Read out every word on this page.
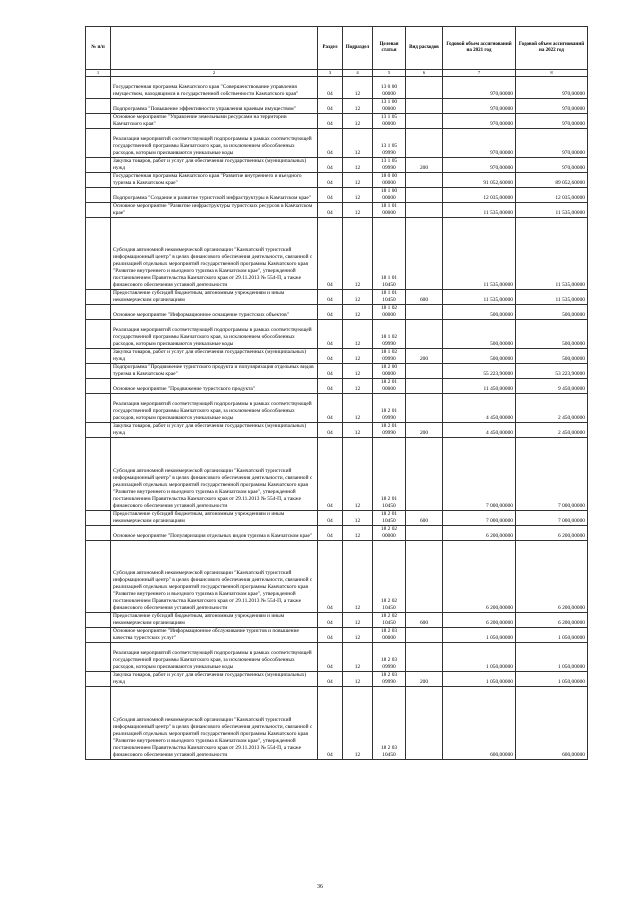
№ п/п		Раздел	Подраздел	Целевая статья	Вид расходов	Годовой объем ассигнований на 2021 год	Годовой объем ассигнований на 2022 год
1	2	3	4	5	6	7	8
	Государственная программа Камчатского края "Совершенствование управления имуществом, находящимся в государственной собственности Камчатского края"	04	12	13 0 00 00000		970,00000	970,00000
	Подпрограмма "Повышение эффективности управления краевым имуществом"	04	12	13 1 00 00000		970,00000	970,00000
	Основное мероприятие "Управление земельными ресурсами на территории Камчатского края"	04	12	13 1 05 00000		970,00000	970,00000
	Реализация мероприятий соответствующей подпрограммы в рамках соответствующей государственной программы Камчатского края, за исключением обособленных расходов, которым присваиваются уникальные коды	04	12	13 1 05 09990		970,00000	970,00000
	Закупка товаров, работ и услуг для обеспечения государственных (муниципальных) нужд	04	12	13 1 05 09990	200	970,00000	970,00000
	Государственная программа Камчатского края "Развитие внутреннего и въездного туризма в Камчатском крае"	04	12	18 0 00 00000		91 052,60000	89 052,60000
	Подпрограмма "Создание и развитие туристской инфраструктуры в Камчатском крае"	04	12	18 1 00 00000		12 035,00000	12 035,00000
	Основное мероприятие "Развитие инфраструктуры туристских ресурсов в Камчатском крае"	04	12	18 1 01 00000		11 535,00000	11 535,00000
	Субсидия автономной некоммерческой организации "Камчатский туристский информационный центр" в целях финансового обеспечения деятельности, связанной с реализацией отдельных мероприятий государственной программы Камчатского края "Развитие внутреннего и въездного туризма в Камчатском крае", утвержденной постановлением Правительства Камчатского края от 29.11.2013 № 554-П, а также финансового обеспечения уставной деятельности	04	12	18 1 01 10450		11 535,00000	11 535,00000
	Предоставление субсидий бюджетным, автономным учреждениям и иным некоммерческим организациям	04	12	18 1 01 10450	600	11 535,00000	11 535,00000
	Основное мероприятие "Информационное оснащение туристских объектов"	04	12	18 1 02 00000		500,00000	500,00000
	Реализация мероприятий соответствующей подпрограммы в рамках соответствующей государственной программы Камчатского края, за исключением обособленных расходов, которым присваиваются уникальные коды	04	12	18 1 02 09990		500,00000	500,00000
	Закупка товаров, работ и услуг для обеспечения государственных (муниципальных) нужд	04	12	18 1 02 09990	200	500,00000	500,00000
	Подпрограмма "Продвижение туристского продукта и популяризация отдельных видов туризма в Камчатском крае"	04	12	18 2 00 00000		55 223,90000	53 223,90000
	Основное мероприятие "Продвижение туристского продукта"	04	12	18 2 01 00000		11 450,00000	9 450,00000
	Реализация мероприятий соответствующей подпрограммы в рамках соответствующей государственной программы Камчатского края, за исключением обособленных расходов, которым присваиваются уникальные коды	04	12	18 2 01 09990		4 450,00000	2 450,00000
	Закупка товаров, работ и услуг для обеспечения государственных (муниципальных) нужд	04	12	18 2 01 09990	200	4 450,00000	2 450,00000
	Субсидия автономной некоммерческой организации "Камчатский туристский информационный центр" в целях финансового обеспечения деятельности, связанной с реализацией отдельных мероприятий государственной программы Камчатского края "Развитие внутреннего и въездного туризма в Камчатском крае", утвержденной постановлением Правительства Камчатского края от 29.11.2013 № 554-П, а также финансового обеспечения уставной деятельности	04	12	18 2 01 10450		7 000,00000	7 000,00000
	Предоставление субсидий бюджетным, автономным учреждениям и иным некоммерческим организациям	04	12	18 2 01 10450	600	7 000,00000	7 000,00000
	Основное мероприятие "Популяризация отдельных видов туризма в Камчатском крае"	04	12	18 2 02 00000		6 200,00000	6 200,00000
	Субсидия автономной некоммерческой организации "Камчатский туристский информационный центр" в целях финансового обеспечения деятельности, связанной с реализацией отдельных мероприятий государственной программы Камчатского края "Развитие внутреннего и въездного туризма в Камчатском крае", утвержденной постановлением Правительства Камчатского края от 29.11.2013 № 554-П, а также финансового обеспечения уставной деятельности	04	12	18 2 02 10450		6 200,00000	6 200,00000
	Предоставление субсидий бюджетным, автономным учреждениям и иным некоммерческим организациям	04	12	18 2 02 10450	600	6 200,00000	6 200,00000
	Основное мероприятие "Информационное обслуживание туристов и повышение качества туристских услуг"	04	12	18 2 03 00000		1 050,00000	1 050,00000
	Реализация мероприятий соответствующей подпрограммы в рамках соответствующей государственной программы Камчатского края, за исключением обособленных расходов, которым присваиваются уникальные коды	04	12	18 2 03 09990		1 050,00000	1 050,00000
	Закупка товаров, работ и услуг для обеспечения государственных (муниципальных) нужд	04	12	18 2 03 09990	200	1 050,00000	1 050,00000
	Субсидия автономной некоммерческой организации "Камчатский туристский информационный центр" в целях финансового обеспечения деятельности, связанной с реализацией отдельных мероприятий государственной программы Камчатского края "Развитие внутреннего и въездного туризма в Камчатском крае", утвержденной постановлением Правительства Камчатского края от 29.11.2013 № 554-П, а также финансового обеспечения уставной деятельности	04	12	18 2 03 10450		600,00000	600,00000
36
